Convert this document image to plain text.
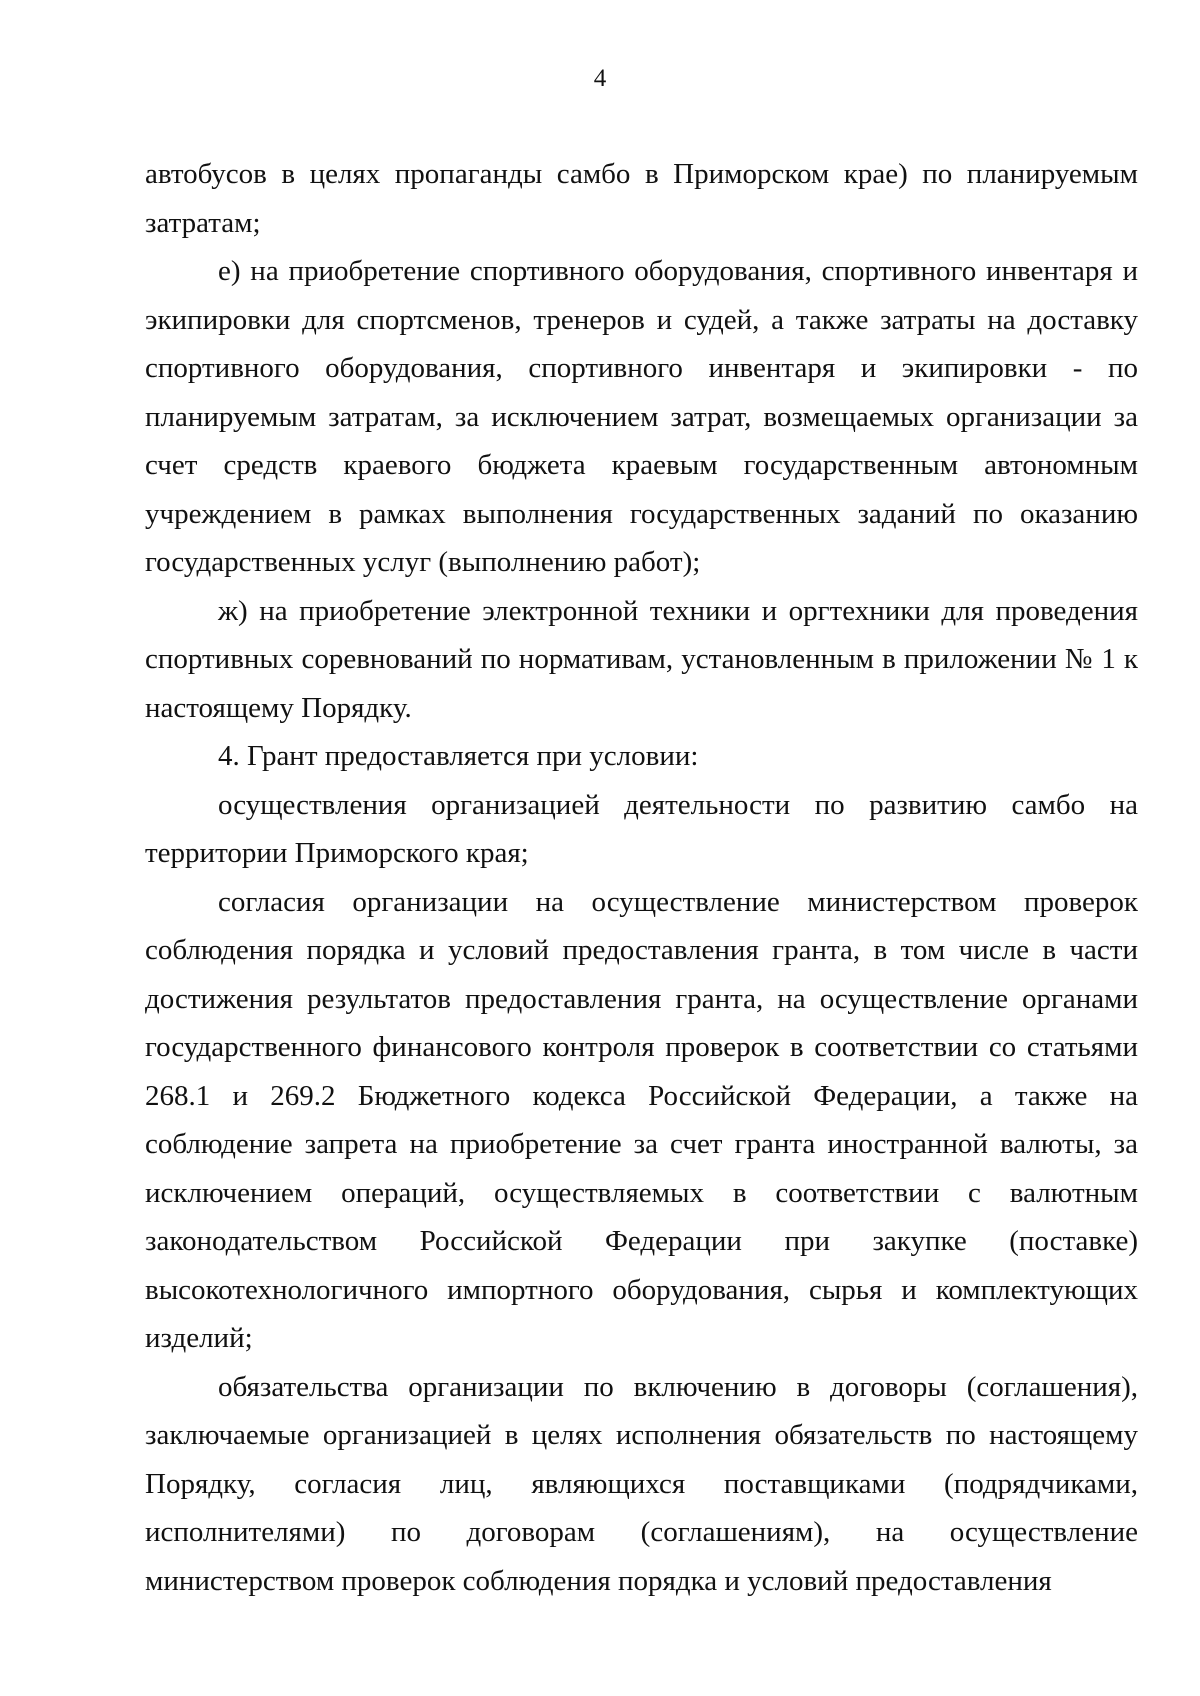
4

автобусов в целях пропаганды самбо в Приморском крае) по планируемым затратам;

е) на приобретение спортивного оборудования, спортивного инвентаря и экипировки для спортсменов, тренеров и судей, а также затраты на доставку спортивного оборудования, спортивного инвентаря и экипировки - по планируемым затратам, за исключением затрат, возмещаемых организации за счет средств краевого бюджета краевым государственным автономным учреждением в рамках выполнения государственных заданий по оказанию государственных услуг (выполнению работ);

ж) на приобретение электронной техники и оргтехники для проведения спортивных соревнований по нормативам, установленным в приложении № 1 к настоящему Порядку.

4. Грант предоставляется при условии:

осуществления организацией деятельности по развитию самбо на территории Приморского края;

согласия организации на осуществление министерством проверок соблюдения порядка и условий предоставления гранта, в том числе в части достижения результатов предоставления гранта, на осуществление органами государственного финансового контроля проверок в соответствии со статьями 268.1 и 269.2 Бюджетного кодекса Российской Федерации, а также на соблюдение запрета на приобретение за счет гранта иностранной валюты, за исключением операций, осуществляемых в соответствии с валютным законодательством Российской Федерации при закупке (поставке) высокотехнологичного импортного оборудования, сырья и комплектующих изделий;

обязательства организации по включению в договоры (соглашения), заключаемые организацией в целях исполнения обязательств по настоящему Порядку, согласия лиц, являющихся поставщиками (подрядчиками, исполнителями) по договорам (соглашениям), на осуществление министерством проверок соблюдения порядка и условий предоставления
